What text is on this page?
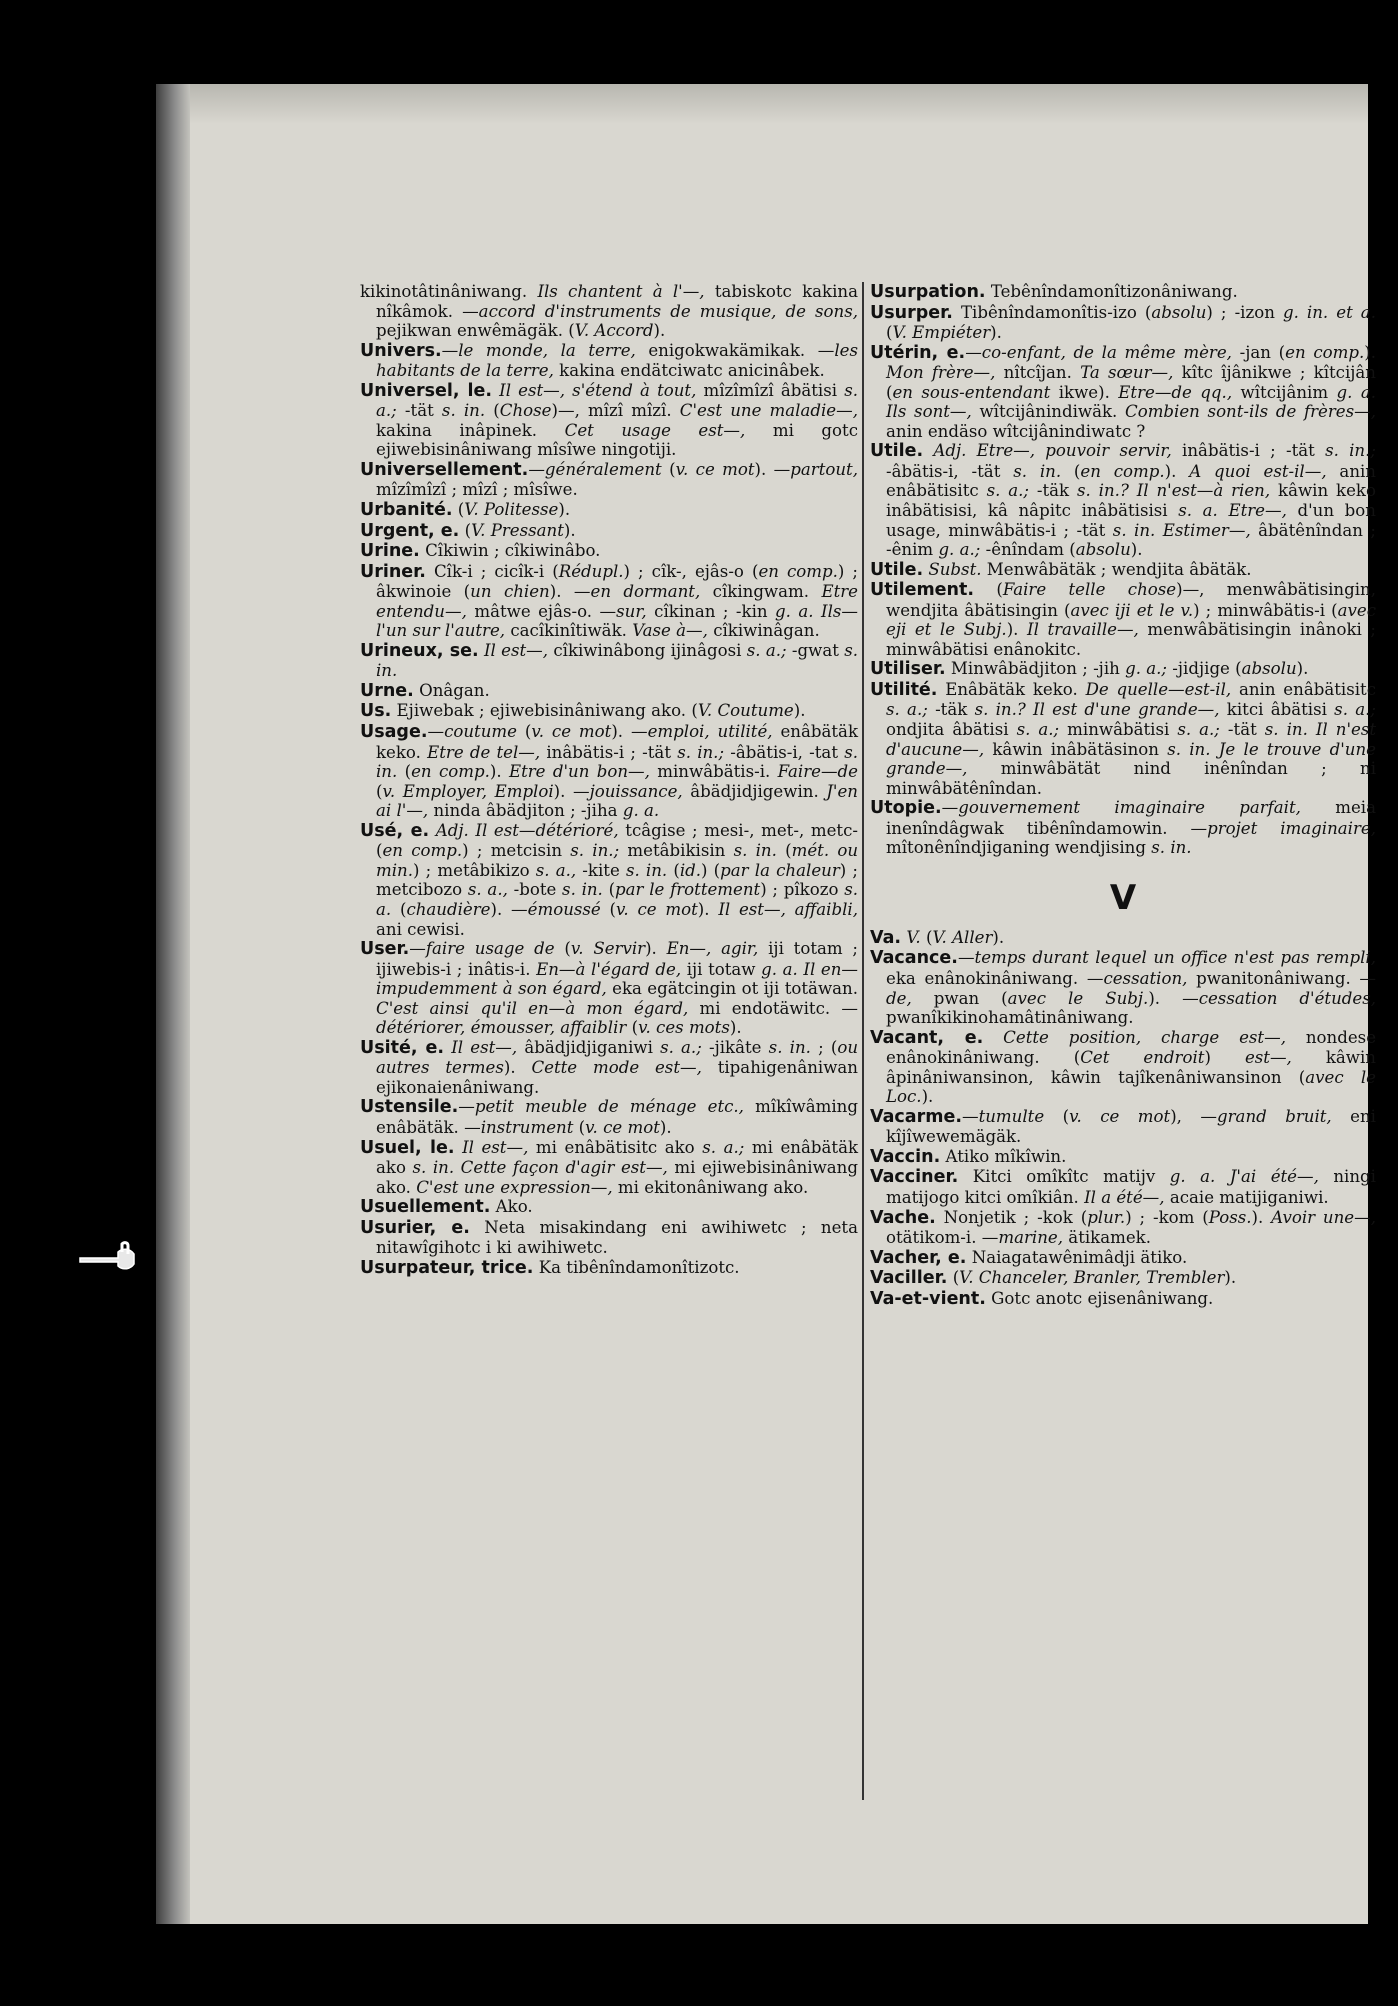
kikinotâtinâniwang. Ils chantent à l'—, tabiskotc kakina nîkâmok. —accord d'instruments de musique, de sons, pejikwan enwêmägäk. (V. Accord).
Univers.—le monde, la terre, enigokwakämikak. —les habitants de la terre, kakina endätciwatc anicinâbek.
Universel, le. Il est—, s'étend à tout, mîzîmîzî âbätisi s. a.; -tät s. in. (Chose)—, mîzî mîzî. C'est une maladie—, kakina inâpinek. Cet usage est—, mi gotc ejiwebisinâniwang mîsîwe ningotiji.
Universellement.—généralement (v. ce mot). —partout, mîzîmîzî ; mîzî ; mîsîwe.
Urbanité. (V. Politesse).
Urgent, e. (V. Pressant).
Urine. Cîkiwin ; cîkiwinâbo.
Uriner. Cîk-i ; cicîk-i (Rédupl.) ; cîk-, ejâs-o (en comp.) ; âkwinoie (un chien). —en dormant, cîkingwam. Etre entendu—, mâtwe ejâs-o. —sur, cîkinan ; -kin g. a. Ils—l'un sur l'autre, cacîkinîtiwäk. Vase à—, cîkiwinâgan.
Urineux, se. Il est—, cîkiwinâbong ijinâgosi s. a.; -gwat s. in.
Urne. Onâgan.
Us. Ejiwebak ; ejiwebisinâniwang ako. (V. Coutume).
Usage.—coutume (v. ce mot). —emploi, utilité, enâbätäk keko. Etre de tel—, inâbätis-i ; -tät s. in.; -âbätis-i, -tat s. in. (en comp.). Etre d'un bon—, minwâbätis-i. Faire—de (v. Employer, Emploi). —jouissance, âbädjidjigewin. J'en ai l'—, ninda âbädjiton ; -jiha g. a.
Usé, e. Adj. Il est—détérioré, tcâgise ; mesi-, met-, metc- (en comp.) ; metcisin s. in.; metâbikisin s. in. (mét. ou min.) ; metâbikizo s. a., -kite s. in. (id.) (par la chaleur) ; metcibozo s. a., -bote s. in. (par le frottement) ; pîkozo s. a. (chaudière). —émoussé (v. ce mot). Il est—, affaibli, ani cewisi.
User.—faire usage de (v. Servir). En—, agir, iji totam ; ijiwebis-i ; inâtis-i. En—à l'égard de, iji totaw g. a. Il en—impudemment à son égard, eka egätcingin ot iji totäwan. C'est ainsi qu'il en—à mon égard, mi endotäwitc. —détériorer, émousser, affaiblir (v. ces mots).
Usité, e. Il est—, âbädjidjiganiwi s. a.; -jikâte s. in. ; (ou autres termes). Cette mode est—, tipahigenâniwan ejikonaienâniwang.
Ustensile.—petit meuble de ménage etc., mîkîwâming enâbätäk. —instrument (v. ce mot).
Usuel, le. Il est—, mi enâbätisitc ako s. a.; mi enâbätäk ako s. in. Cette façon d'agir est—, mi ejiwebisinâniwang ako. C'est une expression—, mi ekitonâniwang ako.
Usuellement. Ako.
Usurier, e. Neta misakindang eni awihiwetc ; neta nitawîgihotc i ki awihiwetc.
Usurpateur, trice. Ka tibênîndamonîtizotc.
Usurpation. Tebênîndamonîtizonâniwang.
Usurper. Tibênîndamonîtis-izo (absolu) ; -izon g. in. et a. (V. Empiéter).
Utérin, e.—co-enfant, de la même mère, -jan (en comp.). Mon frère—, nîtcîjan. Ta sœur—, kîtc îjânikwe ; kîtcijân (en sous-entendant ikwe). Etre—de qq., wîtcijânim g. a. Ils sont—, wîtcijânindiwäk. Combien sont-ils de frères—, anin endäso wîtcijânindiwatc ?
Utile. Adj. Etre—, pouvoir servir, inâbätis-i ; -tät s. in.; -âbätis-i, -tät s. in. (en comp.). A quoi est-il—, anin enâbätisitc s. a.; -täk s. in.? Il n'est—à rien, kâwin keko inâbätisisi, kâ nâpitc inâbätisisi s. a. Etre—, d'un bon usage, minwâbätis-i ; -tät s. in. Estimer—, âbätênîndan ; -ênim g. a.; -ênîndam (absolu).
Utile. Subst. Menwâbätäk ; wendjita âbätäk.
Utilement. (Faire telle chose)—, menwâbätisingin, wendjita âbätisingin (avec iji et le v.) ; minwâbätis-i (avec eji et le Subj.). Il travaille—, menwâbätisingin inânoki ; minwâbätisi enânokitc.
Utiliser. Minwâbädjiton ; -jih g. a.; -jidjige (absolu).
Utilité. Enâbätäk keko. De quelle—est-il, anin enâbätisitc s. a.; -täk s. in.? Il est d'une grande—, kitci âbätisi s. a.; ondjita âbätisi s. a.; minwâbätisi s. a.; -tät s. in. Il n'est d'aucune—, kâwin inâbätäsinon s. in. Je le trouve d'une grande—, minwâbätät nind inênîndan ; ni minwâbätênîndan.
Utopie.—gouvernement imaginaire parfait, meia inenîndâgwak tibênîndamowin. —projet imaginaire, mîtonênîndjiganing wendjising s. in.
V
Va. V. (V. Aller).
Vacance.—temps durant lequel un office n'est pas rempli, eka enânokinâniwang. —cessation, pwanitonâniwang. —de, pwan (avec le Subj.). —cessation d'études, pwanîkikinohamâtinâniwang.
Vacant, e. Cette position, charge est—, nondese enânokinâniwang. (Cet endroit) est—, kâwin âpinâniwansinon, kâwin tajîkenâniwansinon (avec le Loc.).
Vacarme.—tumulte (v. ce mot), —grand bruit, eni kîjîwewemägäk.
Vaccin. Atiko mîkîwin.
Vacciner. Kitci omîkîtc matijv g. a. J'ai été—, ningi matijogo kitci omîkiân. Il a été—, acaie matijiganiwi.
Vache. Nonjetik ; -kok (plur.) ; -kom (Poss.). Avoir une—, otätikom-i. —marine, ätikamek.
Vacher, e. Naiagatawênimâdji ätiko.
Vaciller. (V. Chanceler, Branler, Trembler).
Va-et-vient. Gotc anotc ejisenâniwang.
